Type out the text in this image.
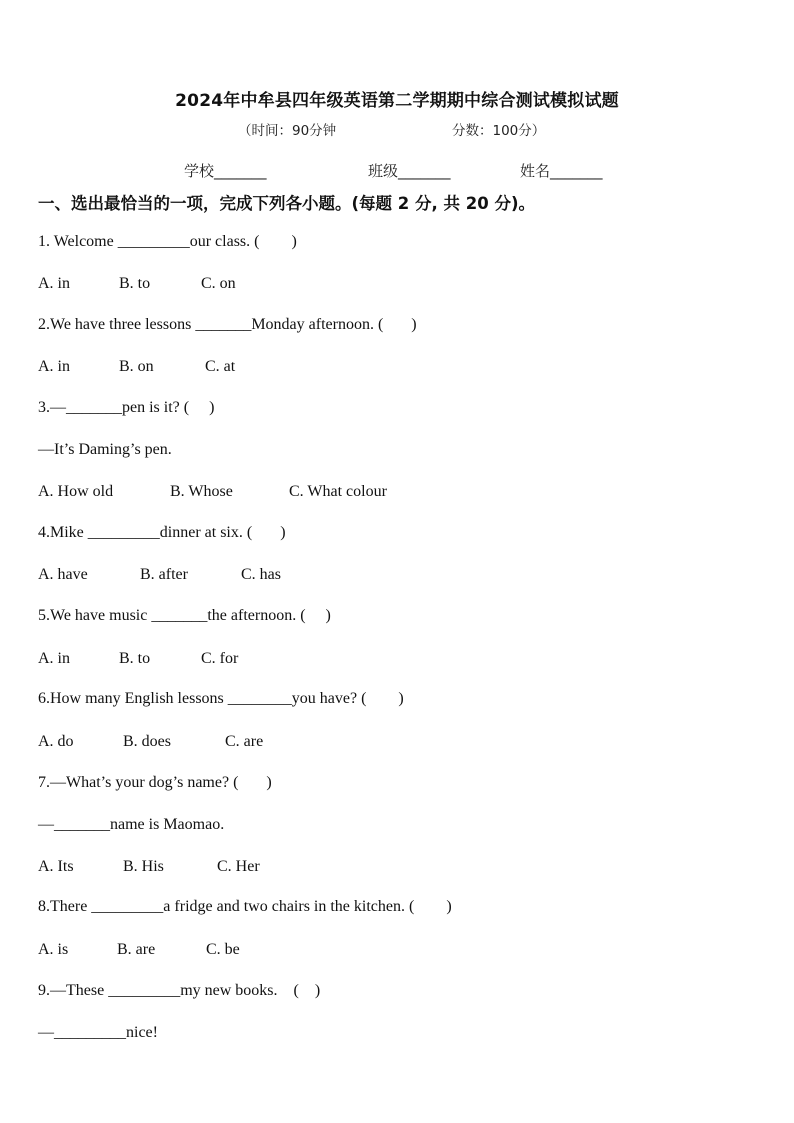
2024年中牟县四年级英语第二学期期中综合测试模拟试题
（时间：90分钟	分数：100分）
学校_______	班级_______	姓名_______
一、选出最恰当的一项，完成下列各小题。(每题 2 分, 共 20 分)。
1. Welcome _________our class. (        )
A. in	B. to	C. on
2.We have three lessons _______Monday afternoon. (       )
A. in	B. on	C. at
3.—_______pen is it? (     )
—It’s Daming’s pen.
A. How old	B. Whose	C. What colour
4.Mike _________dinner at six. (       )
A. have	B. after	C. has
5.We have music _______the afternoon. (     )
A. in	B. to	C. for
6.How many English lessons ________you have? (        )
A. do	B. does	C. are
7.—What’s your dog’s name? (       )
—_______name is Maomao.
A. Its	B. His	C. Her
8.There _________a fridge and two chairs in the kitchen. (        )
A. is	B. are	C. be
9.—These _________my new books.    (    )
—_________nice!
